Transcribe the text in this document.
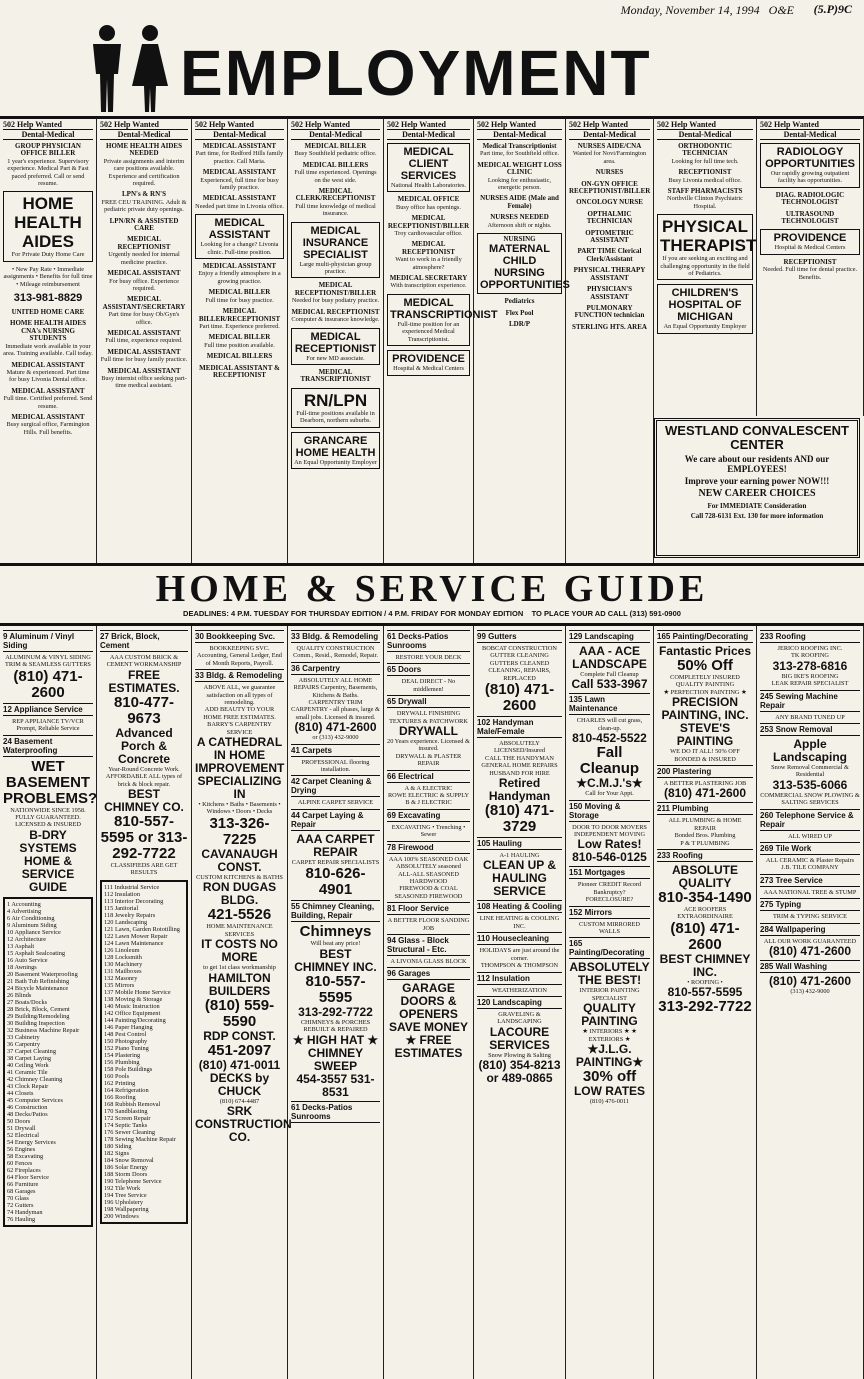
Monday, November 14, 1994 O&E (5.P)9C
EMPLOYMENT
502 Help Wanted
Dental-Medical
GROUP PHYSICIAN OFFICE BILLER
1 year's experience. Supervisory experience. Medical Part & Fast paced preferred. Call or send resume.
HOME HEALTH AIDES
For Private Duty Home Care
• New Pay Rate • Immediate assignments • Benefits for full time • Mileage reimbursement
313-981-8829
UNITED HOME CARE
HOME HEALTH AIDES CNA's NURSING STUDENTS
Immediate work available in your area. Training available. Call today.
MEDICAL ASSISTANT
Mature & experienced. Part time for busy Livonia Dental office.
MEDICAL ASSISTANT
Full time. Certified preferred. Send resume.
MEDICAL ASSISTANT
Busy surgical office, Farmington Hills. Full benefits.
502 Help Wanted
Dental-Medical
HOME HEALTH AIDES NEEDED
Private assignments and interim care positions available. Experience and certification required.
LPN's & RN'S
FREE CEU TRAINING. Adult & pediatric private duty openings.
LPN/RN & ASSISTED CARE
MEDICAL RECEPTIONIST
Urgently needed for internal medicine practice.
MEDICAL ASSISTANT
For busy office. Experience required.
MEDICAL ASSISTANT/SECRETARY
Part time for busy Ob/Gyn's office.
MEDICAL ASSISTANT
Full time, experience required.
MEDICAL ASSISTANT
Full time for busy family practice.
MEDICAL ASSISTANT
Busy internist office seeking part-time medical assistant.
502 Help Wanted
Dental-Medical
MEDICAL ASSISTANT
Part time, for Redford Hills family practice. Call Maria.
MEDICAL ASSISTANT
Experienced, full time for busy family practice.
MEDICAL ASSISTANT
Needed part time in Livonia office.
MEDICAL ASSISTANT
Looking for a change? Livonia clinic. Full-time position.
MEDICAL ASSISTANT
Enjoy a friendly atmosphere in a growing practice.
MEDICAL BILLER
Full time for busy practice.
MEDICAL BILLER/RECEPTIONIST
Part time. Experience preferred.
MEDICAL BILLER
Full time position available.
MEDICAL BILLERS
MEDICAL ASSISTANT & RECEPTIONIST
502 Help Wanted
Dental-Medical
MEDICAL BILLER
Busy Southfield pediatric office.
MEDICAL BILLERS
Full time experienced. Openings on the west side.
MEDICAL CLERK/RECEPTIONIST
Full time knowledge of medical insurance.
MEDICAL INSURANCE SPECIALIST
Large multi-physician group practice.
MEDICAL RECEPTIONIST/BILLER
Needed for busy podiatry practice.
MEDICAL RECEPTIONIST
Computer & insurance knowledge.
MEDICAL RECEPTIONIST
For new MD associate.
MEDICAL TRANSCRIPTIONIST
RN/LPN
Full-time positions available in Dearborn, northern suburbs.
GRANCARE HOME HEALTH
An Equal Opportunity Employer
502 Help Wanted
Dental-Medical
MEDICAL CLIENT SERVICES
National Health Laboratories.
MEDICAL OFFICE
Busy office has openings.
MEDICAL RECEPTIONIST/BILLER
Troy cardiovascular office.
MEDICAL RECEPTIONIST
Want to work in a friendly atmosphere?
MEDICAL SECRETARY
With transcription experience.
MEDICAL TRANSCRIPTIONIST
Full-time position for an experienced Medical Transcriptionist.
PROVIDENCE
Hospital & Medical Centers
502 Help Wanted
Dental-Medical
Medical Transcriptionist
Part time, for Southfield office.
MEDICAL WEIGHT LOSS CLINIC
Looking for enthusiastic, energetic person.
NURSES AIDE (Male and Female)
NURSES NEEDED
Afternoon shift or nights.
NURSING
MATERNAL CHILD NURSING OPPORTUNITIES
Pediatrics
Flex Pool
LDR/P
502 Help Wanted
Dental-Medical
NURSES AIDE/CNA
Wanted for Novi/Farmington area.
NURSES
ON-GYN OFFICE RECEPTIONIST/BILLER
ONCOLOGY NURSE
OPTHALMIC TECHNICIAN
OPTOMETRIC ASSISTANT
PART TIME Clerical Clerk/Assistant
PHYSICAL THERAPY ASSISTANT
PHYSICIAN'S ASSISTANT
PULMONARY FUNCTION technician
STERLING HTS. AREA
502 Help Wanted
Dental-Medical
ORTHODONTIC TECHNICIAN
Looking for full time tech.
RECEPTIONIST
Busy Livonia medical office.
STAFF PHARMACISTS
Northville Clinton Psychiatric Hospital.
PHYSICAL THERAPIST
If you are seeking an exciting and challenging opportunity in the field of Pediatrics.
CHILDREN'S HOSPITAL OF MICHIGAN
An Equal Opportunity Employer
502 Help Wanted
Dental-Medical
RADIOLOGY OPPORTUNITIES
Our rapidly growing outpatient facility has opportunities.
DIAG. RADIOLOGIC TECHNOLOGIST
ULTRASOUND TECHNOLOGIST
PROVIDENCE
Hospital & Medical Centers
RECEPTIONIST
Needed. Full time for dental practice. Benefits.
WESTLAND CONVALESCENT CENTER
We care about our residents AND our EMPLOYEES!
Improve your earning power NOW!!!
NEW CAREER CHOICES
For IMMEDIATE Consideration
Call 728-6131 Ext. 130 for more information
HOME & SERVICE GUIDE
DEADLINES: 4 P.M. TUESDAY FOR THURSDAY EDITION / 4 P.M. FRIDAY FOR MONDAY EDITION TO PLACE YOUR AD CALL (313) 591-0900
9 Aluminum / Vinyl Siding
ALUMINUM & VINYL SIDING TRIM & SEAMLESS GUTTERS
(810) 471-2600
12 Appliance Service
REP APPLIANCE TV/VCR Prompt, Reliable Service
24 Basement Waterproofing
WET BASEMENT PROBLEMS?
NATIONWIDE SINCE 1958. FULLY GUARANTEED. LICENSED & INSURED
B-DRY SYSTEMS
HOME & SERVICE GUIDE
1 Accounting
4 Advertising
6 Air Conditioning
9 Aluminum Siding
10 Appliance Service
12 Architecture
13 Asphalt
15 Asphalt Sealcoating
16 Auto Service
18 Awnings
20 Basement Waterproofing
21 Bath Tub Refinishing
24 Bicycle Maintenance
26 Blinds
27 Boats/Docks
28 Brick, Block, Cement
29 Building/Remodeling
30 Building Inspection
32 Business Machine Repair
33 Cabinetry
36 Carpentry
37 Carpet Cleaning
38 Carpet Laying
40 Ceiling Work
41 Ceramic Tile
42 Chimney Cleaning
43 Clock Repair
44 Closets
45 Computer Services
46 Construction
48 Decks/Patios
50 Doors
51 Drywall
52 Electrical
54 Energy Services
56 Engines
58 Excavating
60 Fences
62 Fireplaces
64 Floor Service
66 Furniture
68 Garages
70 Glass
72 Gutters
74 Handyman
76 Hauling
27 Brick, Block, Cement
AAA CUSTOM BRICK & CEMENT WORKMANSHIP
FREE ESTIMATES.
810-477-9673
Advanced Porch & Concrete
Year-Round Concrete Work.
AFFORDABLE ALL types of brick & block repair.
BEST CHIMNEY CO.
810-557-5595 or 313-292-7722
CLASSIFIEDS ARE GET RESULTS
111 Industrial Service
112 Insulation
113 Interior Decorating
115 Janitorial
118 Jewelry Repairs
120 Landscaping
121 Lawn, Garden Rototilling
122 Lawn Mower Repair
124 Lawn Maintenance
126 Linoleum
128 Locksmith
130 Machinery
131 Mailboxes
132 Masonry
135 Mirrors
137 Mobile Home Service
138 Moving & Storage
140 Music Instruction
142 Office Equipment
144 Painting/Decorating
146 Paper Hanging
148 Pest Control
150 Photography
152 Piano Tuning
154 Plastering
156 Plumbing
158 Pole Buildings
160 Pools
162 Printing
164 Refrigeration
166 Roofing
168 Rubbish Removal
170 Sandblasting
172 Screen Repair
174 Septic Tanks
176 Sewer Cleaning
178 Sewing Machine Repair
180 Siding
182 Signs
184 Snow Removal
186 Solar Energy
188 Storm Doors
190 Telephone Service
192 Tile Work
194 Tree Service
196 Upholstery
198 Wallpapering
200 Windows
30 Bookkeeping Svc.
BOOKKEEPING SVC. Accounting, General Ledger, End of Month Reports, Payroll.
33 Bldg. & Remodeling
ABOVE ALL, we guarantee satisfaction on all types of remodeling.
ADD BEAUTY TO YOUR HOME FREE ESTIMATES.
BARRY'S CARPENTRY SERVICE
A CATHEDRAL IN HOME IMPROVEMENT SPECIALIZING IN
• Kitchens • Baths • Basements • Windows • Doors • Decks
313-326-7225
CAVANAUGH CONST.
CUSTOM KITCHENS & BATHS
RON DUGAS BLDG.
421-5526
HOME MAINTENANCE SERVICES
IT COSTS NO MORE
to get 1st class workmanship
HAMILTON BUILDERS
(810) 559-5590
RDP CONST.
451-2097
(810) 471-0011
DECKS by CHUCK
(810) 674-4487
SRK CONSTRUCTION CO.
33 Bldg. & Remodeling
QUALITY CONSTRUCTION Comm., Resid., Remodel, Repair.
36 Carpentry
ABSOLUTELY ALL HOME REPAIRS Carpentry, Basements, Kitchens & Baths.
CARPENTRY TRIM
CARPENTRY - all phases, large & small jobs. Licensed & insured.
(810) 471-2600
or (313) 432-9000
41 Carpets
PROFESSIONAL flooring installation.
42 Carpet Cleaning & Drying
ALPINE CARPET SERVICE
44 Carpet Laying & Repair
AAA CARPET REPAIR
CARPET REPAIR SPECIALISTS
810-626-4901
55 Chimney Cleaning, Building, Repair
Chimneys
Will beat any price!
BEST CHIMNEY INC.
810-557-5595
313-292-7722
CHIMNEYS & PORCHES REBUILT & REPAIRED
★ HIGH HAT ★ CHIMNEY SWEEP
454-3557 531-8531
61 Decks-Patios Sunrooms
61 Decks-Patios Sunrooms
RESTORE YOUR DECK
65 Doors
DEAL DIRECT - No middlemen!
65 Drywall
DRYWALL FINISHING TEXTURES & PATCHWORK
DRYWALL
20 Years experience. Licensed & insured.
DRYWALL & PLASTER REPAIR
66 Electrical
A & A ELECTRIC
ROWE ELECTRIC & SUPPLY
B & J ELECTRIC
69 Excavating
EXCAVATING • Trenching • Sewer
78 Firewood
AAA 100% SEASONED OAK
ABSOLUTELY seasoned
ALL-ALL SEASONED HARDWOOD
FIREWOOD & COAL
SEASONED FIREWOOD
81 Floor Service
A BETTER FLOOR SANDING JOB
94 Glass - Block Structural - Etc.
A LIVONIA GLASS BLOCK
96 Garages
GARAGE DOORS & OPENERS
SAVE MONEY ★ FREE ESTIMATES
99 Gutters
BOBCAT CONSTRUCTION
GUTTER CLEANING
GUTTERS CLEANED
CLEANING, REPAIRS, REPLACED
(810) 471-2600
102 Handyman Male/Female
ABSOLUTELY LICENSED/Insured
CALL THE HANDYMAN
GENERAL HOME REPAIRS
HUSBAND FOR HIRE
Retired Handyman
(810) 471-3729
105 Hauling
A-1 HAULING
CLEAN UP & HAULING SERVICE
108 Heating & Cooling
LINE HEATING & COOLING INC.
110 Housecleaning
HOLIDAYS are just around the corner.
THOMPSON & THOMPSON
112 Insulation
WEATHERIZATION
120 Landscaping
GRAVELING & LANDSCAPING
LACOURE SERVICES
Snow Plowing & Salting
(810) 354-8213 or 489-0865
129 Landscaping
AAA - ACE LANDSCAPE
Complete Fall Cleanup
Call 533-3967
135 Lawn Maintenance
CHARLES will cut grass, clean-up.
810-452-5522
Fall Cleanup
★C.M.J.'s★
Call for Your Appt.
150 Moving & Storage
DOOR TO DOOR MOVERS
INDEPENDENT MOVING
Low Rates! 810-546-0125
151 Mortgages
Pioneer CREDIT Record Bankruptcy? FORECLOSURE?
152 Mirrors
CUSTOM MIRRORED WALLS
165 Painting/Decorating
ABSOLUTELY THE BEST!
INTERIOR PAINTING SPECIALIST
QUALITY PAINTING
★ INTERIORS ★ ★ EXTERIORS ★
★J.L.G. PAINTING★
30% off
LOW RATES
(810) 476-0011
165 Painting/Decorating
Fantastic Prices
50% Off
COMPLETELY INSURED
QUALITY PAINTING
★ PERFECTION PAINTING ★
PRECISION PAINTING, INC.
STEVE'S PAINTING
WE DO IT ALL! 50% OFF
BONDED & INSURED
200 Plastering
A BETTER PLASTERING JOB
(810) 471-2600
211 Plumbing
ALL PLUMBING & HOME REPAIR
Bonded Bros. Plumbing
P & T PLUMBING
233 Roofing
ABSOLUTE QUALITY
810-354-1490
ACE ROOFERS EXTRAORDINAIRE
(810) 471-2600
BEST CHIMNEY INC.
• ROOFING •
810-557-5595
313-292-7722
233 Roofing
JERICO ROOFING INC.
TK ROOFING
313-278-6816
BIG IKE'S ROOFING
LEAK REPAIR SPECIALIST
245 Sewing Machine Repair
ANY BRAND TUNED UP
253 Snow Removal
Apple Landscaping
Snow Removal Commercial & Residential
313-535-6066
COMMERCIAL SNOW PLOWING & SALTING SERVICES
260 Telephone Service & Repair
ALL WIRED UP
269 Tile Work
ALL CERAMIC & Plaster Repairs
J.B. TILE COMPANY
273 Tree Service
AAA NATIONAL TREE & STUMP
275 Typing
TRIM & TYPING SERVICE
284 Wallpapering
ALL OUR WORK GUARANTEED
(810) 471-2600
285 Wall Washing
(810) 471-2600
(313) 432-9000
